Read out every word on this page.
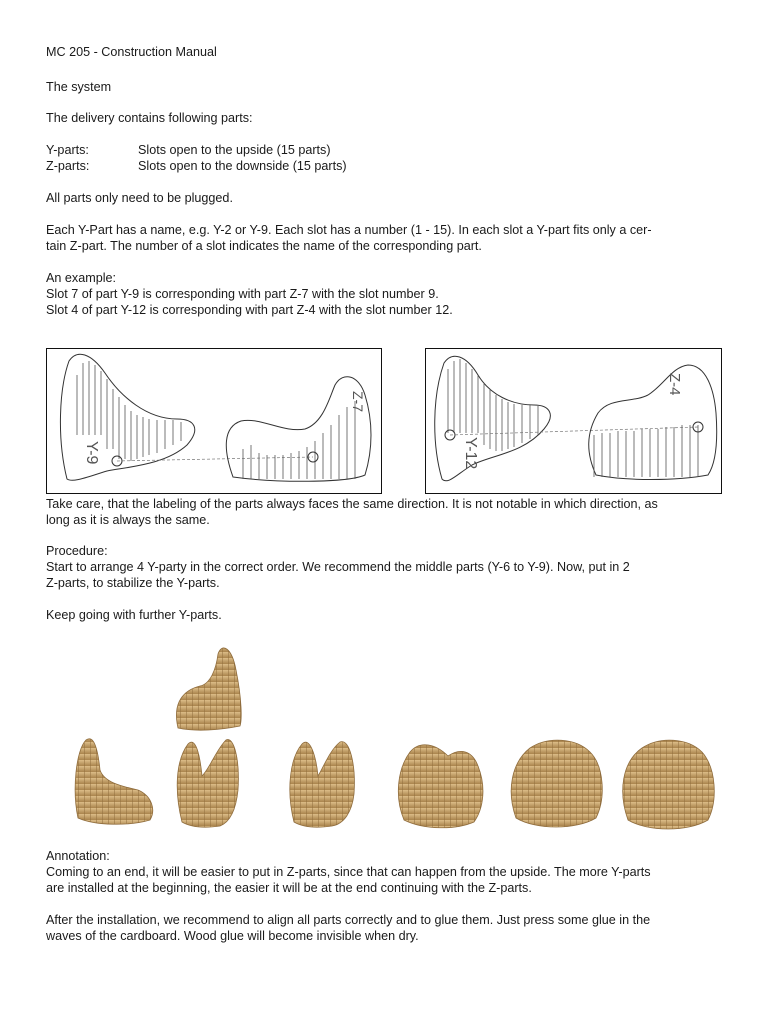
MC 205 - Construction Manual

The system

The delivery contains following parts:

Y-parts:	Slots open to the upside (15 parts)
Z-parts:	Slots open to the downside (15 parts)

All parts only need to be plugged.

Each Y-Part has a name, e.g. Y-2 or Y-9. Each slot has a number (1 - 15). In each slot a Y-part fits only a cer-
tain Z-part. The number of a slot indicates the name of the corresponding part.

An example:

Slot 7 of part Y-9 is corresponding with part Z-7 with the slot number 9.

Slot 4 of part Y-12 is corresponding with part Z-4 with the slot number 12.

Y-9
Z-7
Y-12
Z-4

Take care, that the labeling of the parts always faces the same direction. It is not notable in which direction, as
long as it is always the same.

Procedure:

Start to arrange 4 Y-party in the correct order. We recommend the middle parts (Y-6 to Y-9). Now, put in 2
Z-parts, to stabilize the Y-parts.

Keep going with further Y-parts.

Annotation:

Coming to an end, it will be easier to put in Z-parts, since that can happen from the upside. The more Y-parts
are installed at the beginning, the easier it will be at the end continuing with the Z-parts.

After the installation, we recommend to align all parts correctly and to glue them. Just press some glue in the
waves of the cardboard. Wood glue will become invisible when dry.
